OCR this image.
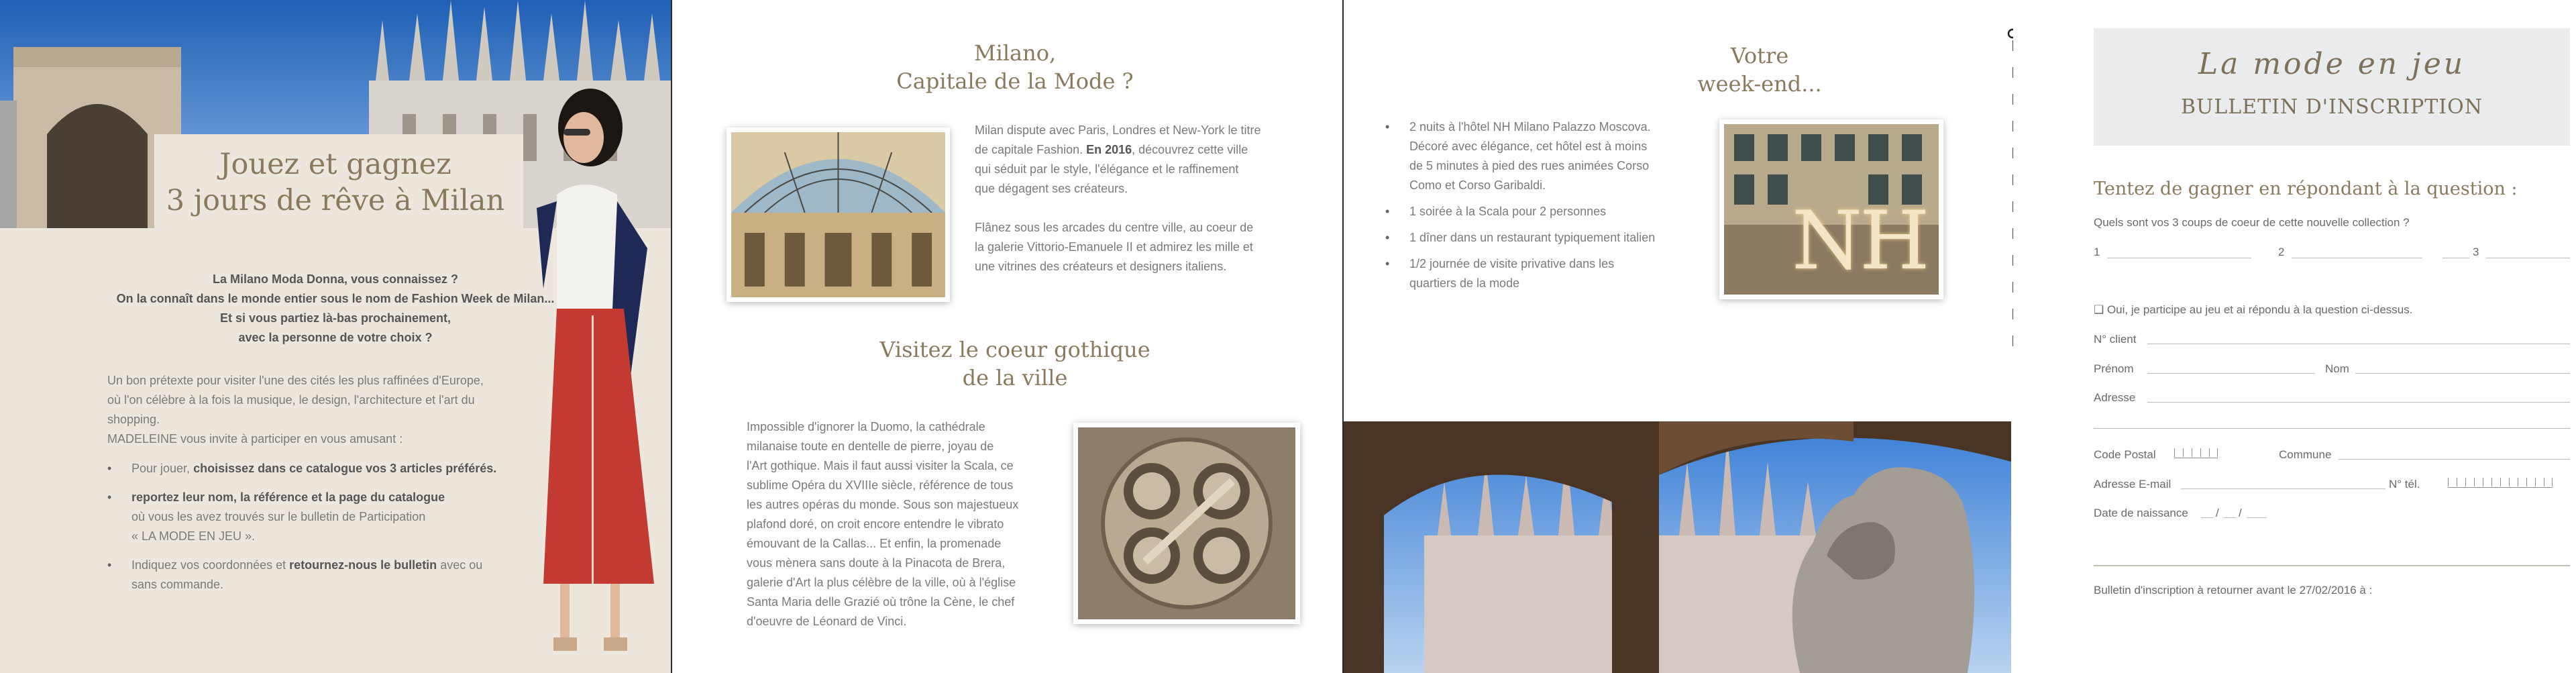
Jouez et gagnez
3 jours de rêve à Milan
La Milano Moda Donna, vous connaissez ?
On la connaît dans le monde entier sous le nom de Fashion Week de Milan...
Et si vous partiez là-bas prochainement,
avec la personne de votre choix ?

Un bon prétexte pour visiter l'une des cités les plus raffinées d'Europe,

où l'on célèbre à la fois la musique, le design, l'architecture et l'art du

shopping.

MADELEINE vous invite à participer en vous amusant :

• Pour jouer, choisissez dans ce catalogue vos 3 articles préférés.
• reportez leur nom, la référence et la page du catalogue
où vous les avez trouvés sur le bulletin de Participation
« LA MODE EN JEU ».
• Indiquez vos coordonnées et retournez-nous le bulletin avec ou
sans commande.
Milano,
Capitale de la Mode ?

Milan dispute avec Paris, Londres et New-York le titre

de capitale Fashion. En 2016, découvrez cette ville

qui séduit par le style, l'élégance et le raffinement

que dégagent ses créateurs.

Flânez sous les arcades du centre ville, au coeur de

la galerie Vittorio-Emanuele II et admirez les mille et

une vitrines des créateurs et designers italiens.

Visitez le coeur gothique
de la ville

Impossible d'ignorer la Duomo, la cathédrale

milanaise toute en dentelle de pierre, joyau de

l'Art gothique. Mais il faut aussi visiter la Scala, ce

sublime Opéra du XVIIIe siècle, référence de tous

les autres opéras du monde. Sous son majestueux

plafond doré, on croit encore entendre le vibrato

émouvant de la Callas... Et enfin, la promenade

vous mènera sans doute à la Pinacota de Brera,

galerie d'Art la plus célèbre de la ville, où à l'église

Santa Maria delle Grazié où trône la Cène, le chef

d'oeuvre de Léonard de Vinci.

Votre
week-end...
• 2 nuits à l'hôtel NH Milano Palazzo Moscova.
Décoré avec élégance, cet hôtel est à moins
de 5 minutes à pied des rues animées Corso
Como et Corso Garibaldi.
• 1 soirée à la Scala pour 2 personnes
• 1 dîner dans un restaurant typiquement italien
• 1/2 journée de visite privative dans les
quartiers de la mode	NH
La mode en jeu
BULLETIN D'INSCRIPTION
Tentez de gagner en répondant à la question :
Quels sont vos 3 coups de coeur de cette nouvelle collection ?
1	2	3
❑ Oui, je participe au jeu et ai répondu à la question ci-dessus.
N° client
Prénom	Nom
Adresse
Code Postal	Commune
Adresse E-mail	N° tél.
Date de naissance / /
Bulletin d'inscription à retourner avant le 27/02/2016 à :
